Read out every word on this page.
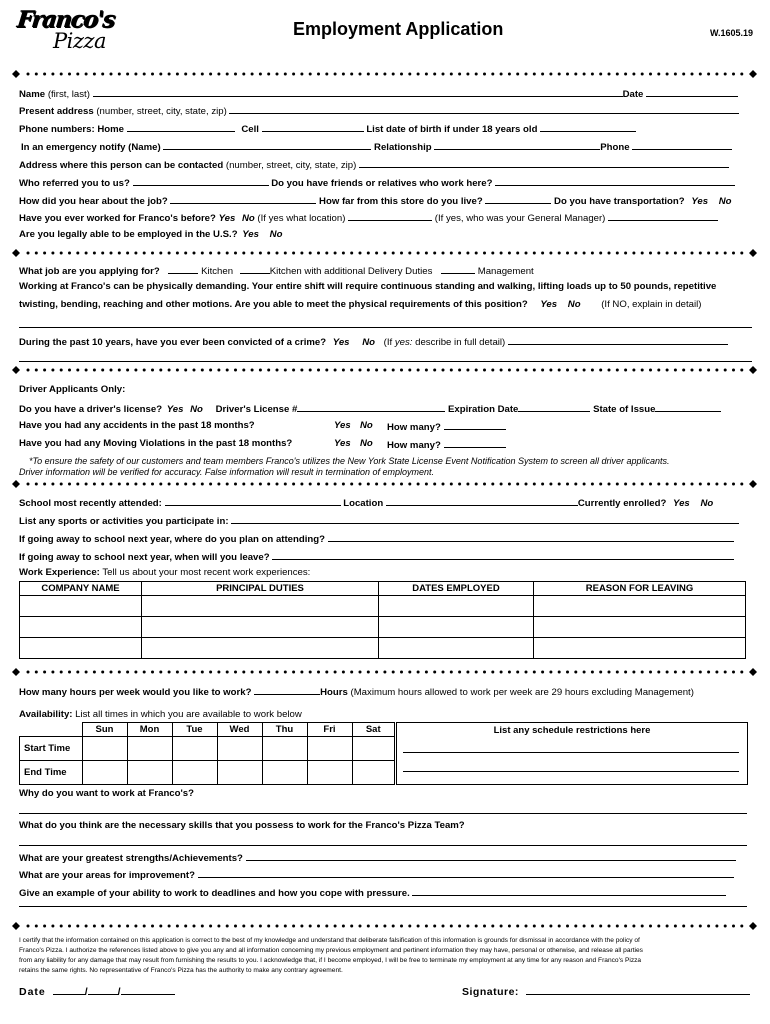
Franco's
Pizza	Employment Application	W.1605.19
Name (first, last)	Date
Present address (number, street, city, state, zip)
Phone numbers: Home	Cell	List date of birth if under 18 years old
In an emergency notify (Name)	Relationship	Phone
Address where this person can be contacted (number, street, city, state, zip)
Who referred you to us?	Do you have friends or relatives who work here?
How did you hear about the job?	How far from this store do you live?	Do you have transportation? Yes No
Have you ever worked for Franco's before? Yes No (If yes what location)	(If yes, who was your General Manager)
Are you legally able to be employed in the U.S.? Yes No
What job are you applying for?	Kitchen	Kitchen with additional Delivery Duties	Management
Working at Franco's can be physically demanding. Your entire shift will require continuous standing and walking, lifting loads up to 50 pounds, repetitive
twisting, bending, reaching and other motions. Are you able to meet the physical requirements of this position? Yes No (If NO, explain in detail)
During the past 10 years, have you ever been convicted of a crime? Yes No (If yes: describe in full detail)
Driver Applicants Only:
Do you have a driver's license? Yes No Driver's License #	Expiration Date	State of Issue
Have you had any accidents in the past 18 months?	Yes No How many?
Have you had any Moving Violations in the past 18 months?	Yes No How many?
*To ensure the safety of our customers and team members Franco's utilizes the New York State License Event Notification System to screen all driver applicants.
Driver information will be verified for accuracy. False information will result in termination of employment.
School most recently attended:	Location	Currently enrolled? Yes No
List any sports or activities you participate in:
If going away to school next year, where do you plan on attending?
If going away to school next year, when will you leave?
Work Experience: Tell us about your most recent work experiences:
COMPANY NAME	PRINCIPAL DUTIES	DATES EMPLOYED	REASON FOR LEAVING

How many hours per week would you like to work?	Hours (Maximum hours allowed to work per week are 29 hours excluding Management)
Availability: List all times in which you are available to work below
	Sun	Mon	Tue	Wed	Thu	Fri	Sat
Start Time							
End Time							
List any schedule restrictions here
Why do you want to work at Franco's?
What do you think are the necessary skills that you possess to work for the Franco's Pizza Team?
What are your greatest strengths/Achievements?
What are your areas for improvement?
Give an example of your ability to work to deadlines and how you cope with pressure.
I certify that the information contained on this application is correct to the best of my knowledge and understand that deliberate falsification of this information is grounds for dismissal in accordance with the policy of
Franco's Pizza. I authorize the references listed above to give you any and all information concerning my previous employment and pertinent information they may have, personal or otherwise, and release all parties
from any liability for any damage that may result from furnishing the results to you. I acknowledge that, if I become employed, I will be free to terminate my employment at any time for any reason and Franco's Pizza
retains the same rights. No representative of Franco's Pizza has the authority to make any contrary agreement.
Date	/	/	Signature:
